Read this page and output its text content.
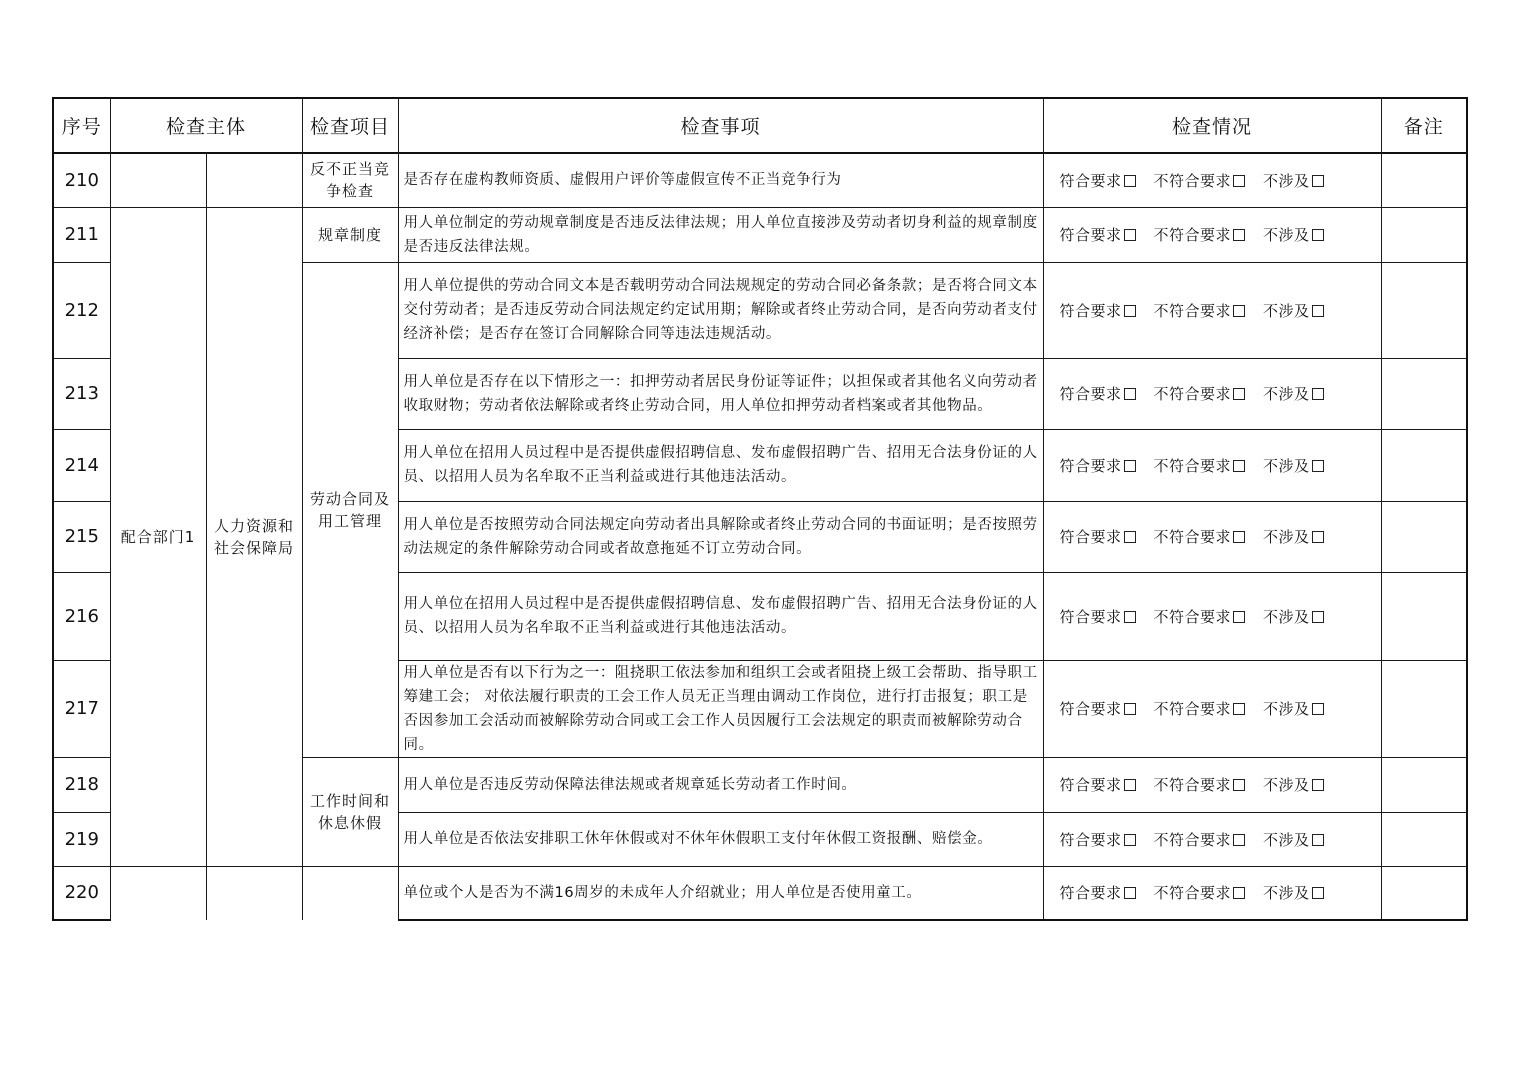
序号	检查主体		检查项目	检查事项	检查情况	备注
210			反不正当竞争检查	是否存在虚构教师资质、虚假用户评价等虚假宣传不正当竞争行为	符合要求 不符合要求 不涉及	
211	配合部门1	人力资源和社会保障局	规章制度	用人单位制定的劳动规章制度是否违反法律法规；用人单位直接涉及劳动者切身利益的规章制度是否违反法律法规。	符合要求 不符合要求 不涉及	
212			劳动合同及用工管理	用人单位提供的劳动合同文本是否载明劳动合同法规规定的劳动合同必备条款；是否将合同文本交付劳动者；是否违反劳动合同法规定约定试用期；解除或者终止劳动合同，是否向劳动者支付经济补偿；是否存在签订合同解除合同等违法违规活动。	符合要求 不符合要求 不涉及	
213				用人单位是否存在以下情形之一：扣押劳动者居民身份证等证件；以担保或者其他名义向劳动者收取财物；劳动者依法解除或者终止劳动合同，用人单位扣押劳动者档案或者其他物品。	符合要求 不符合要求 不涉及	
214				用人单位在招用人员过程中是否提供虚假招聘信息、发布虚假招聘广告、招用无合法身份证的人员、以招用人员为名牟取不正当利益或进行其他违法活动。	符合要求 不符合要求 不涉及	
215				用人单位是否按照劳动合同法规定向劳动者出具解除或者终止劳动合同的书面证明；是否按照劳动法规定的条件解除劳动合同或者故意拖延不订立劳动合同。	符合要求 不符合要求 不涉及	
216				用人单位在招用人员过程中是否提供虚假招聘信息、发布虚假招聘广告、招用无合法身份证的人员、以招用人员为名牟取不正当利益或进行其他违法活动。	符合要求 不符合要求 不涉及	
217				用人单位是否有以下行为之一：阻挠职工依法参加和组织工会或者阻挠上级工会帮助、指导职工筹建工会； 对依法履行职责的工会工作人员无正当理由调动工作岗位，进行打击报复；职工是否因参加工会活动而被解除劳动合同或工会工作人员因履行工会法规定的职责而被解除劳动合同。	符合要求 不符合要求 不涉及	
218			工作时间和休息休假	用人单位是否违反劳动保障法律法规或者规章延长劳动者工作时间。	符合要求 不符合要求 不涉及	
219				用人单位是否依法安排职工休年休假或对不休年休假职工支付年休假工资报酬、赔偿金。	符合要求 不符合要求 不涉及	
220				单位或个人是否为不满16周岁的未成年人介绍就业；用人单位是否使用童工。	符合要求 不符合要求 不涉及	
